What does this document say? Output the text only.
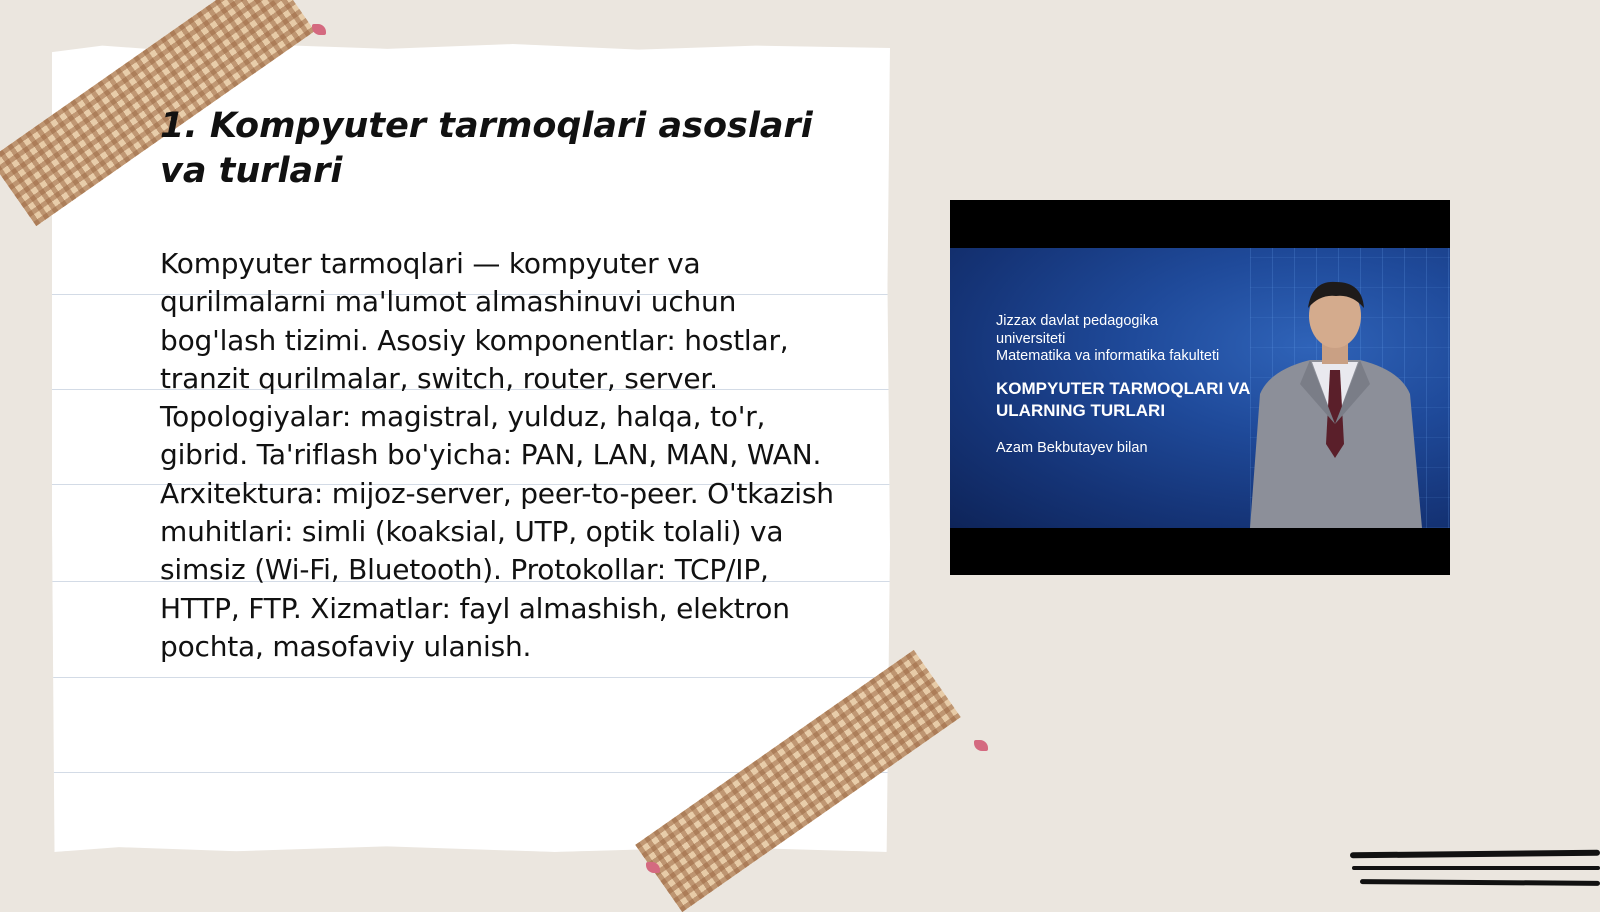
1. Kompyuter tarmoqlari asoslari va turlari

Kompyuter tarmoqlari — kompyuter va qurilmalarni ma'lumot almashinuvi uchun bog'lash tizimi. Asosiy komponentlar: hostlar, tranzit qurilmalar, switch, router, server. Topologiyalar: magistral, yulduz, halqa, to'r, gibrid. Ta'riflash bo'yicha: PAN, LAN, MAN, WAN. Arxitektura: mijoz-server, peer-to-peer. O'tkazish muhitlari: simli (koaksial, UTP, optik tolali) va simsiz (Wi-Fi, Bluetooth). Protokollar: TCP/IP, HTTP, FTP. Xizmatlar: fayl almashish, elektron pochta, masofaviy ulanish.

Jizzax davlat pedagogika universiteti

Matematika va informatika fakulteti

KOMPYUTER TARMOQLARI VA ULARNING TURLARI

Azam Bekbutayev bilan
